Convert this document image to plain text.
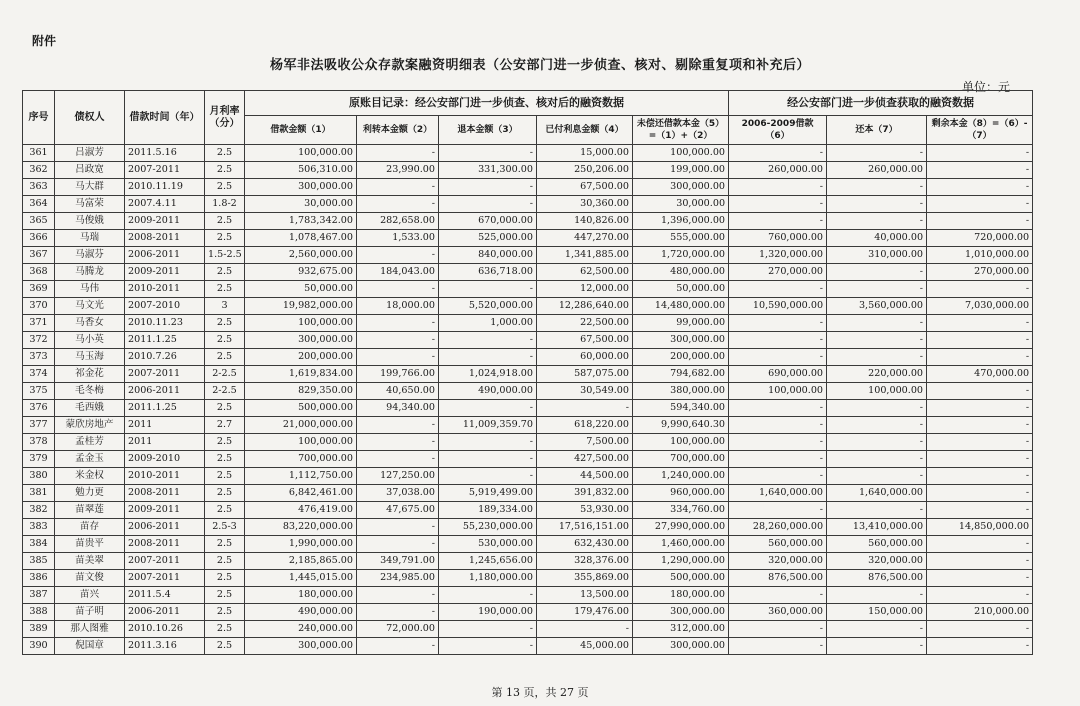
附件
杨军非法吸收公众存款案融资明细表（公安部门进一步侦查、核对、剔除重复项和补充后）
单位：元
序号	债权人	借款时间（年）	月利率（分）	原账目记录：经公安部门进一步侦查、核对后的融资数据					经公安部门进一步侦查获取的融资数据		
				借款金额（1）	利转本金额（2）	退本金额（3）	已付利息金额（4）	未偿还借款本金（5）=（1）+（2）	2006-2009借款（6）	还本（7）	剩余本金（8）=（6）-（7）
361	吕淑芳	2011.5.16	2.5	100,000.00	-	-	15,000.00	100,000.00	-	-	-
362	吕政宽	2007-2011	2.5	506,310.00	23,990.00	331,300.00	250,206.00	199,000.00	260,000.00	260,000.00	-
363	马大群	2010.11.19	2.5	300,000.00	-	-	67,500.00	300,000.00	-	-	-
364	马富荣	2007.4.11	1.8-2	30,000.00	-	-	30,360.00	30,000.00	-	-	-
365	马俊娥	2009-2011	2.5	1,783,342.00	282,658.00	670,000.00	140,826.00	1,396,000.00	-	-	-
366	马瑞	2008-2011	2.5	1,078,467.00	1,533.00	525,000.00	447,270.00	555,000.00	760,000.00	40,000.00	720,000.00
367	马淑芬	2006-2011	1.5-2.5	2,560,000.00	-	840,000.00	1,341,885.00	1,720,000.00	1,320,000.00	310,000.00	1,010,000.00
368	马腾龙	2009-2011	2.5	932,675.00	184,043.00	636,718.00	62,500.00	480,000.00	270,000.00	-	270,000.00
369	马伟	2010-2011	2.5	50,000.00	-	-	12,000.00	50,000.00	-	-	-
370	马文光	2007-2010	3	19,982,000.00	18,000.00	5,520,000.00	12,286,640.00	14,480,000.00	10,590,000.00	3,560,000.00	7,030,000.00
371	马香女	2010.11.23	2.5	100,000.00	-	1,000.00	22,500.00	99,000.00	-	-	-
372	马小英	2011.1.25	2.5	300,000.00	-	-	67,500.00	300,000.00	-	-	-
373	马玉海	2010.7.26	2.5	200,000.00	-	-	60,000.00	200,000.00	-	-	-
374	祁金花	2007-2011	2-2.5	1,619,834.00	199,766.00	1,024,918.00	587,075.00	794,682.00	690,000.00	220,000.00	470,000.00
375	毛冬梅	2006-2011	2-2.5	829,350.00	40,650.00	490,000.00	30,549.00	380,000.00	100,000.00	100,000.00	-
376	毛西娥	2011.1.25	2.5	500,000.00	94,340.00	-	-	594,340.00	-	-	-
377	蒙欣房地产	2011	2.7	21,000,000.00	-	11,009,359.70	618,220.00	9,990,640.30	-	-	-
378	孟桂芳	2011	2.5	100,000.00	-	-	7,500.00	100,000.00	-	-	-
379	孟金玉	2009-2010	2.5	700,000.00	-	-	427,500.00	700,000.00	-	-	-
380	米金权	2010-2011	2.5	1,112,750.00	127,250.00	-	44,500.00	1,240,000.00	-	-	-
381	勉力更	2008-2011	2.5	6,842,461.00	37,038.00	5,919,499.00	391,832.00	960,000.00	1,640,000.00	1,640,000.00	-
382	苗翠莲	2009-2011	2.5	476,419.00	47,675.00	189,334.00	53,930.00	334,760.00	-	-	-
383	苗存	2006-2011	2.5-3	83,220,000.00	-	55,230,000.00	17,516,151.00	27,990,000.00	28,260,000.00	13,410,000.00	14,850,000.00
384	苗贵平	2008-2011	2.5	1,990,000.00	-	530,000.00	632,430.00	1,460,000.00	560,000.00	560,000.00	-
385	苗美翠	2007-2011	2.5	2,185,865.00	349,791.00	1,245,656.00	328,376.00	1,290,000.00	320,000.00	320,000.00	-
386	苗文俊	2007-2011	2.5	1,445,015.00	234,985.00	1,180,000.00	355,869.00	500,000.00	876,500.00	876,500.00	-
387	苗兴	2011.5.4	2.5	180,000.00	-	-	13,500.00	180,000.00	-	-	-
388	苗子明	2006-2011	2.5	490,000.00	-	190,000.00	179,476.00	300,000.00	360,000.00	150,000.00	210,000.00
389	那人图雅	2010.10.26	2.5	240,000.00	72,000.00	-	-	312,000.00	-	-	-
390	倪国章	2011.3.16	2.5	300,000.00	-	-	45,000.00	300,000.00	-	-	-
第 13 页，共 27 页
